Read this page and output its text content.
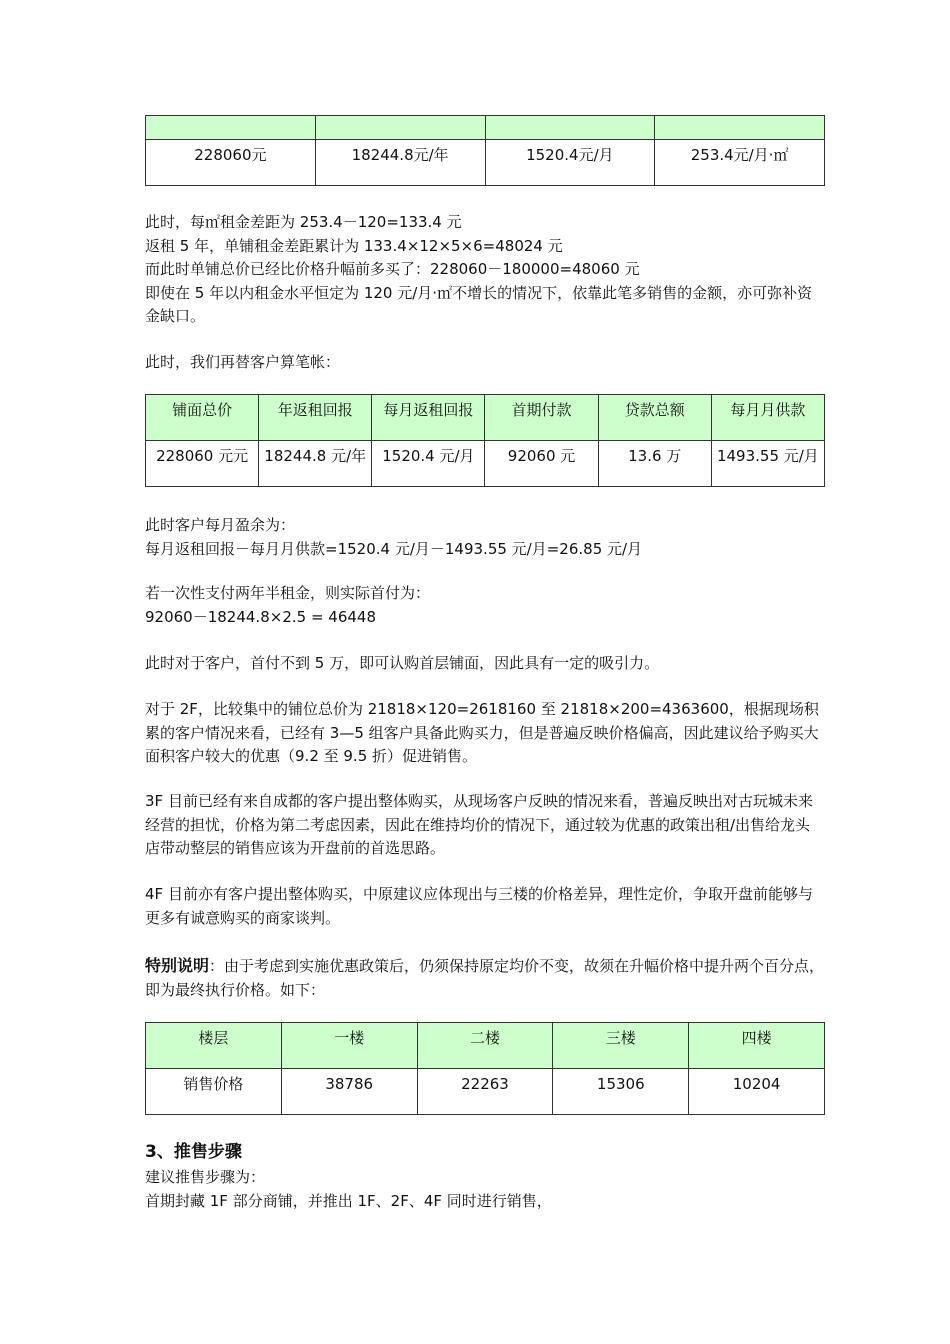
228060元	18244.8元/年	1520.4元/月	253.4元/月·㎡

此时，每㎡租金差距为 253.4－120=133.4 元

返租 5 年，单铺租金差距累计为 133.4×12×5×6=48024 元

而此时单铺总价已经比价格升幅前多买了：228060－180000=48060 元

即使在 5 年以内租金水平恒定为 120 元/月·㎡不增长的情况下，依靠此笔多销售的金额，亦可弥补资金缺口。

此时，我们再替客户算笔帐：

铺面总价	年返租回报	每月返租回报	首期付款	贷款总额	每月月供款
228060 元元	18244.8 元/年	1520.4 元/月	92060 元	13.6 万	1493.55 元/月

此时客户每月盈余为：

每月返租回报－每月月供款=1520.4 元/月－1493.55 元/月=26.85 元/月

若一次性支付两年半租金，则实际首付为：

92060－18244.8×2.5 = 46448

此时对于客户，首付不到 5 万，即可认购首层铺面，因此具有一定的吸引力。

对于 2F，比较集中的铺位总价为 21818×120=2618160 至 21818×200=4363600，根据现场积累的客户情况来看，已经有 3—5 组客户具备此购买力，但是普遍反映价格偏高，因此建议给予购买大面积客户较大的优惠（9.2 至 9.5 折）促进销售。

3F 目前已经有来自成都的客户提出整体购买，从现场客户反映的情况来看，普遍反映出对古玩城未来经营的担忧，价格为第二考虑因素，因此在维持均价的情况下，通过较为优惠的政策出租/出售给龙头店带动整层的销售应该为开盘前的首选思路。

4F 目前亦有客户提出整体购买，中原建议应体现出与三楼的价格差异，理性定价，争取开盘前能够与更多有诚意购买的商家谈判。

特别说明：由于考虑到实施优惠政策后，仍须保持原定均价不变，故须在升幅价格中提升两个百分点，即为最终执行价格。如下：

楼层	一楼	二楼	三楼	四楼
销售价格	38786	22263	15306	10204

3、推售步骤

建议推售步骤为：

首期封藏 1F 部分商铺，并推出 1F、2F、4F 同时进行销售，
